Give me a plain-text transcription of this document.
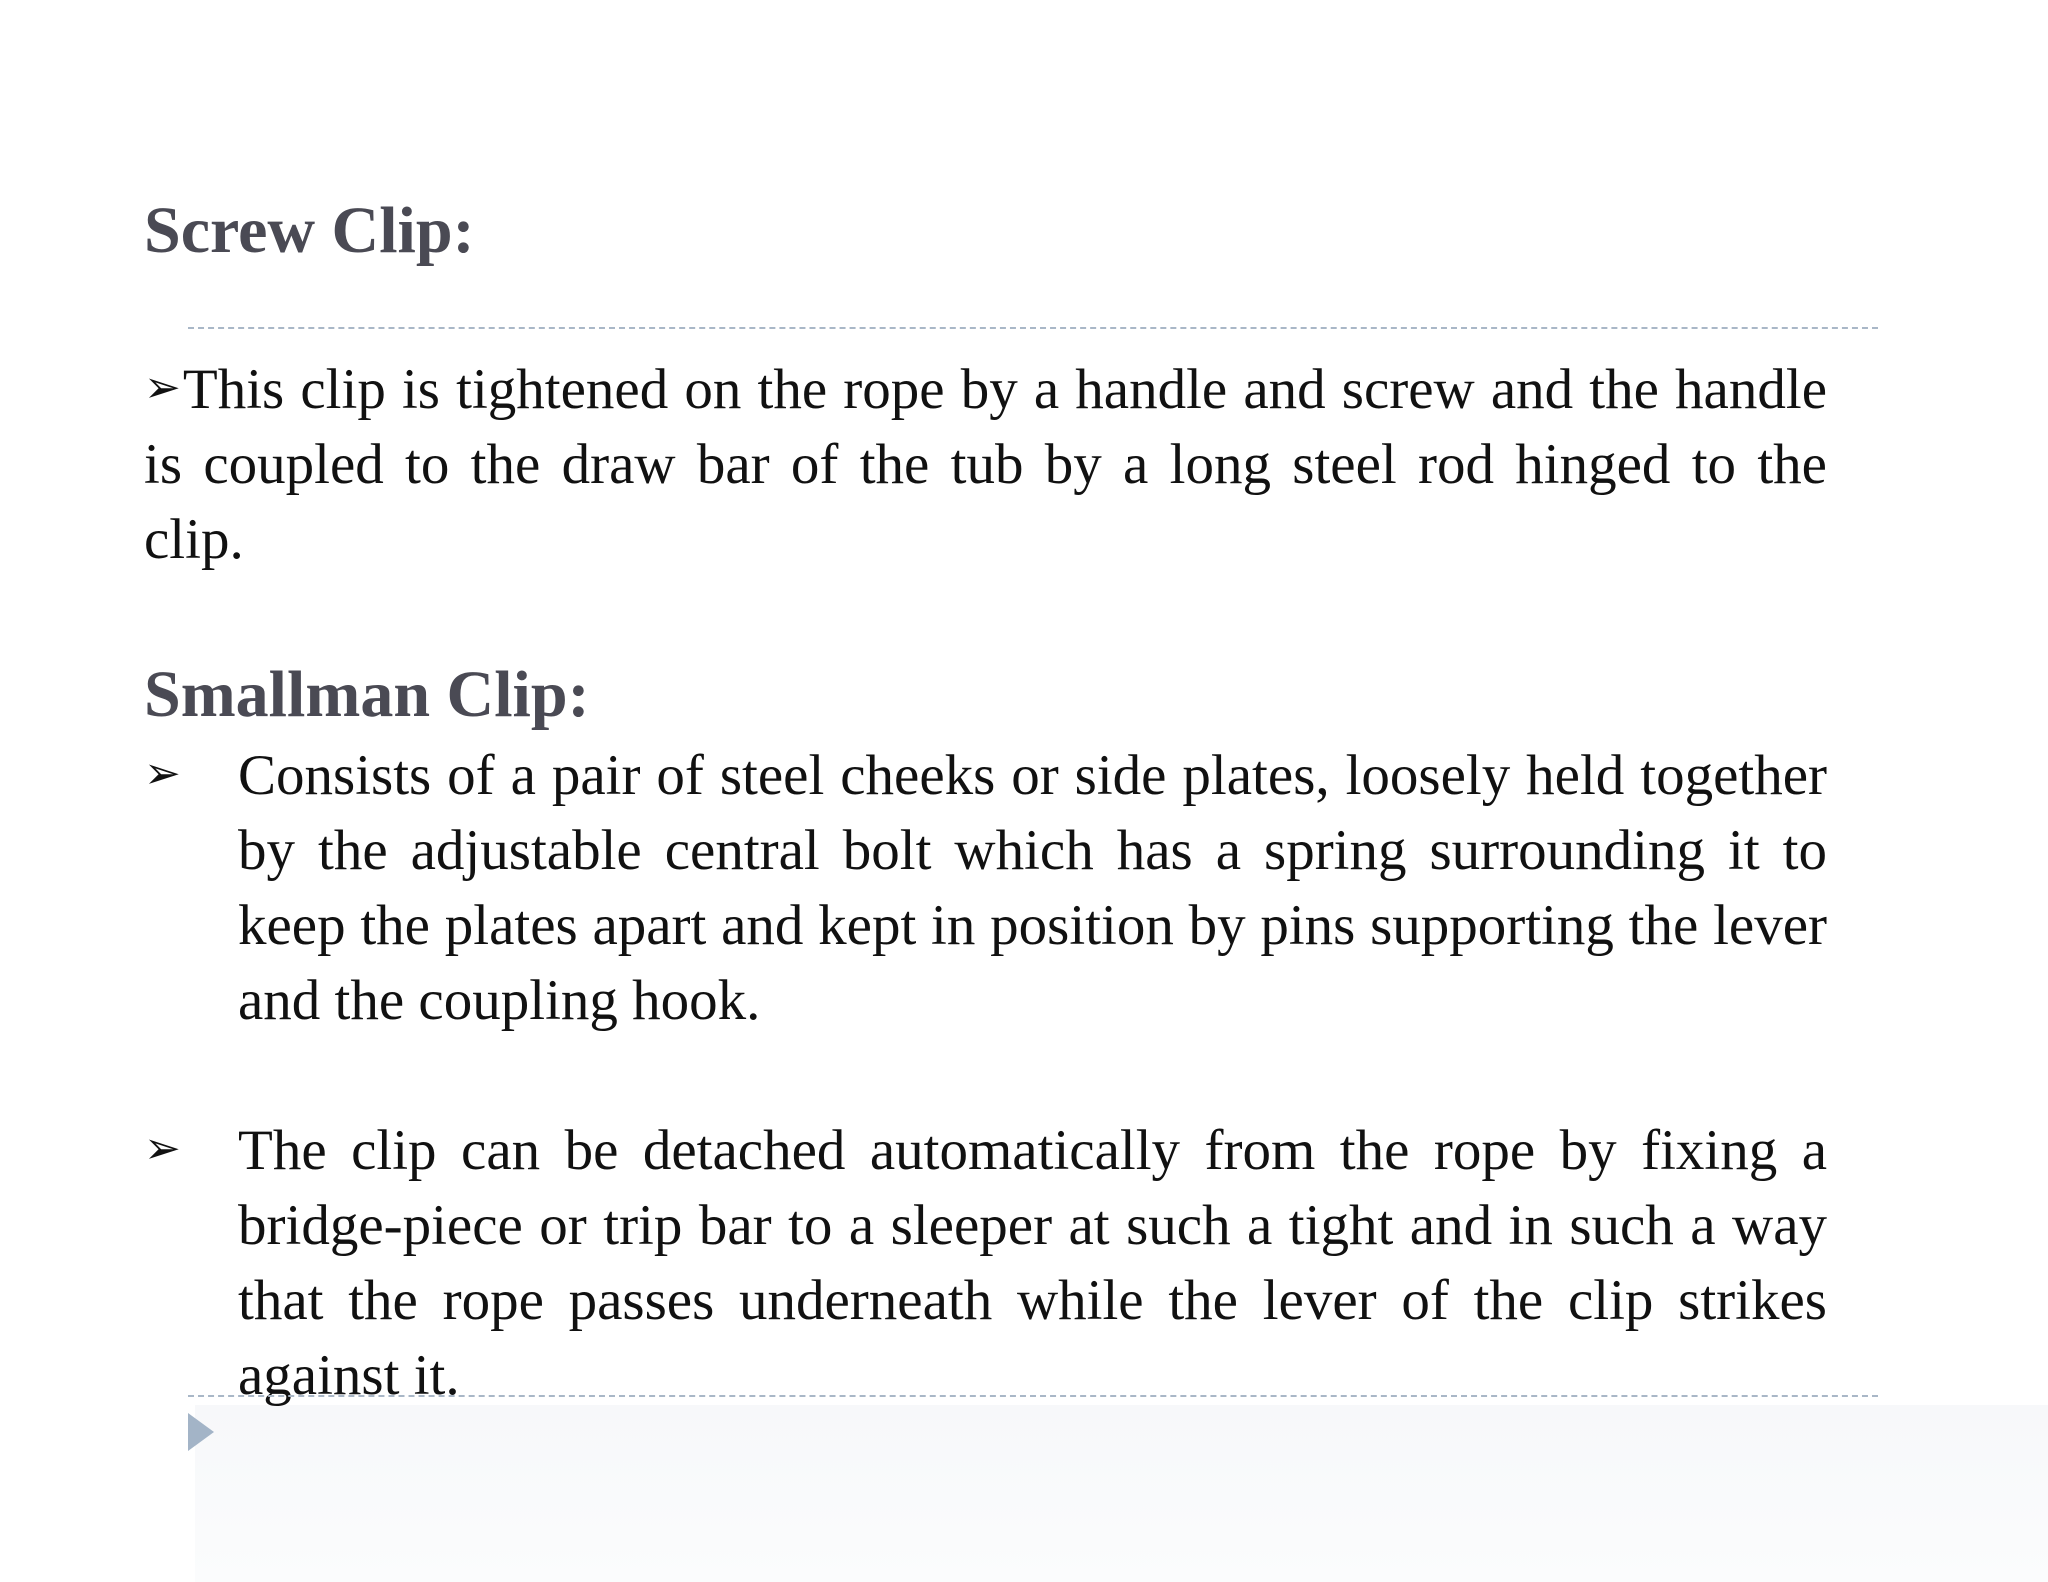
Screw Clip:

➢This clip is tightened on the rope by a handle and screw and the handle is coupled to the draw bar of the tub by a long steel rod hinged to the clip.

Smallman Clip:
➢ Consists of a pair of steel cheeks or side plates, loosely held together by the adjustable central bolt which has a spring surrounding it to keep the plates apart and kept in position by pins supporting the lever and the coupling hook.

➢ The clip can be detached automatically from the rope by fixing a bridge-piece or trip bar to a sleeper at such a tight and in such a way that the rope passes underneath while the lever of the clip strikes against it.
